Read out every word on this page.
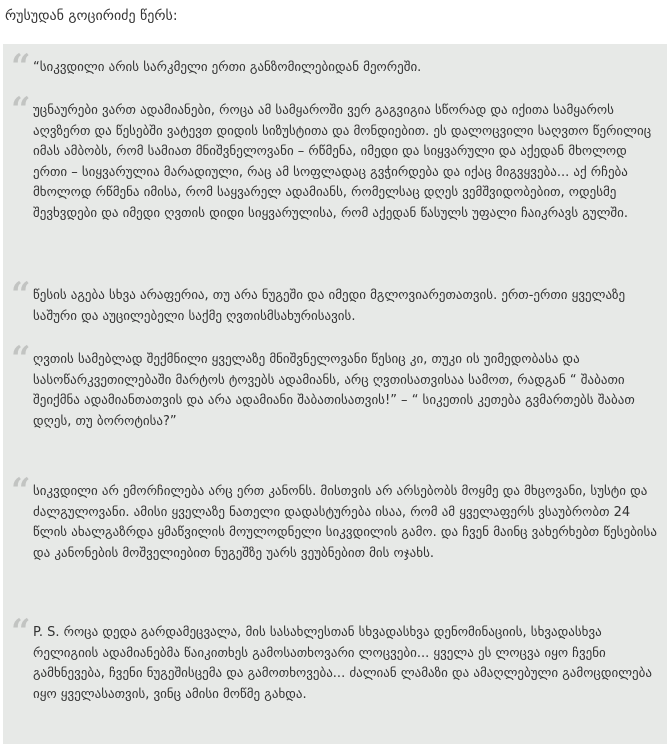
რუსუდან გოცირიძე წერს:
“ “სიკვდილი არის სარკმელი ერთი განზომილებიდან მეორეში.
“ უცნაურები ვართ ადამიანები, როცა ამ სამყაროში ვერ გაგვიგია სწორად და იქითა სამყაროს აღვზერთ და წესებში ვატევთ დიდის სიზუსტითა და მონდიებით. ეს დალოცვილი საღვთო წერილიც იმას ამბობს, რომ სამიათ მნიშვნელოვანი – რწმენა, იმედი და სიყვარული და აქედან მხოლოდ ერთი – სიყვარულია მარადიული, რაც ამ სოფლადაც გვჭირდება და იქაც მიგვყვება... აქ რჩება მხოლოდ რწმენა იმისა, რომ საყვარელ ადამიანს, რომელსაც დღეს ვემშვიდობებით, ოდესმე შევხვდები და იმედი ღვთის დიდი სიყვარულისა, რომ აქედან წასულს უფალი ჩაიკრავს გულში.
“ წესის აგება სხვა არაფერია, თუ არა ნუგეში და იმედი მგლოვიარეთათვის. ერთ-ერთი ყველაზე საშური და აუცილებელი საქმე ღვთისმსახურისავის.
“ ღვთის სამებლად შექმნილი ყველაზე მნიშვნელოვანი წესიც კი, თუკი ის უიმედობასა და სასოწარკვეთილებაში მარტოს ტოვებს ადამიანს, არც ღვთისათვისაა სამოთ, რადგან “ შაბათი შეიქმნა ადამიანთათვის და არა ადამიანი შაბათისათვის!” – “ სიკეთის კეთება გვმართებს შაბათ დღეს, თუ ბოროტისა?”
“ სიკვდილი არ ემორჩილება არც ერთ კანონს. მისთვის არ არსებობს მოყმე და მხცოვანი, სუსტი და ძალგულოვანი. ამისი ყველაზე ნათელი დადასტურება ისაა, რომ ამ ყველაფერს ვსაუბრობთ 24 წლის ახალგაზრდა ყმაწვილის მოულოდნელი სიკვდილის გამო. და ჩვენ მაინც ვახერხებთ წესებისა და კანონების მოშველიებით ნუგეშზე უარს ვეუბნებით მის ოჯახს.
“ P. S. როცა დედა გარდამეცვალა, მის სასახლესთან სხვადასხვა დენომინაციის, სხვადასხვა რელიგიის ადამიანებმა წაიკითხეს გამოსათხოვარი ლოცვები... ყველა ეს ლოცვა იყო ჩვენი გამხნევება, ჩვენი ნუგეშისცემა და გამოთხოვება... ძალიან ლამაზი და ამაღლებული გამოცდილება იყო ყველასათვის, ვინც ამისი მოწმე გახდა.
